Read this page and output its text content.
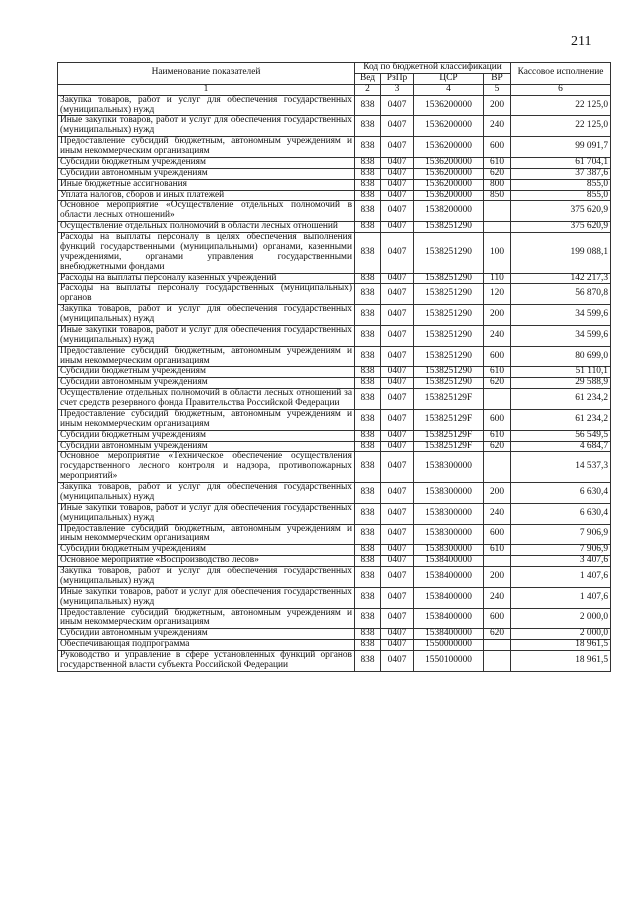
211
Наименование показателей	Код по бюджетной классификации				Кассовое исполнение
	Вед	РзПр	ЦСР	ВР	
1	2	3	4	5	6
Закупка товаров, работ и услуг для обеспечения государственных (муниципальных) нужд	838	0407	1536200000	200	22 125,0
Иные закупки товаров, работ и услуг для обеспечения государственных (муниципальных) нужд	838	0407	1536200000	240	22 125,0
Предоставление субсидий бюджетным, автономным учреждениям и иным некоммерческим организациям	838	0407	1536200000	600	99 091,7
Субсидии бюджетным учреждениям	838	0407	1536200000	610	61 704,1
Субсидии автономным учреждениям	838	0407	1536200000	620	37 387,6
Иные бюджетные ассигнования	838	0407	1536200000	800	855,0
Уплата налогов, сборов и иных платежей	838	0407	1536200000	850	855,0
Основное мероприятие «Осуществление отдельных полномочий в области лесных отношений»	838	0407	1538200000		375 620,9
Осуществление отдельных полномочий в области лесных отношений	838	0407	1538251290		375 620,9
Расходы на выплаты персоналу в целях обеспечения выполнения функций государственными (муниципальными) органами, казенными учреждениями, органами управления государственными внебюджетными фондами	838	0407	1538251290	100	199 088,1
Расходы на выплаты персоналу казенных учреждений	838	0407	1538251290	110	142 217,3
Расходы на выплаты персоналу государственных (муниципальных) органов	838	0407	1538251290	120	56 870,8
Закупка товаров, работ и услуг для обеспечения государственных (муниципальных) нужд	838	0407	1538251290	200	34 599,6
Иные закупки товаров, работ и услуг для обеспечения государственных (муниципальных) нужд	838	0407	1538251290	240	34 599,6
Предоставление субсидий бюджетным, автономным учреждениям и иным некоммерческим организациям	838	0407	1538251290	600	80 699,0
Субсидии бюджетным учреждениям	838	0407	1538251290	610	51 110,1
Субсидии автономным учреждениям	838	0407	1538251290	620	29 588,9
Осуществление отдельных полномочий в области лесных отношений за счет средств резервного фонда Правительства Российской Федерации	838	0407	153825129F		61 234,2
Предоставление субсидий бюджетным, автономным учреждениям и иным некоммерческим организациям	838	0407	153825129F	600	61 234,2
Субсидии бюджетным учреждениям	838	0407	153825129F	610	56 549,5
Субсидии автономным учреждениям	838	0407	153825129F	620	4 684,7
Основное мероприятие «Техническое обеспечение осуществления государственного лесного контроля и надзора, противопожарных мероприятий»	838	0407	1538300000		14 537,3
Закупка товаров, работ и услуг для обеспечения государственных (муниципальных) нужд	838	0407	1538300000	200	6 630,4
Иные закупки товаров, работ и услуг для обеспечения государственных (муниципальных) нужд	838	0407	1538300000	240	6 630,4
Предоставление субсидий бюджетным, автономным учреждениям и иным некоммерческим организациям	838	0407	1538300000	600	7 906,9
Субсидии бюджетным учреждениям	838	0407	1538300000	610	7 906,9
Основное мероприятие «Воспроизводство лесов»	838	0407	1538400000		3 407,6
Закупка товаров, работ и услуг для обеспечения государственных (муниципальных) нужд	838	0407	1538400000	200	1 407,6
Иные закупки товаров, работ и услуг для обеспечения государственных (муниципальных) нужд	838	0407	1538400000	240	1 407,6
Предоставление субсидий бюджетным, автономным учреждениям и иным некоммерческим организациям	838	0407	1538400000	600	2 000,0
Субсидии автономным учреждениям	838	0407	1538400000	620	2 000,0
Обеспечивающая подпрограмма	838	0407	1550000000		18 961,5
Руководство и управление в сфере установленных функций органов государственной власти субъекта Российской Федерации	838	0407	1550100000		18 961,5
